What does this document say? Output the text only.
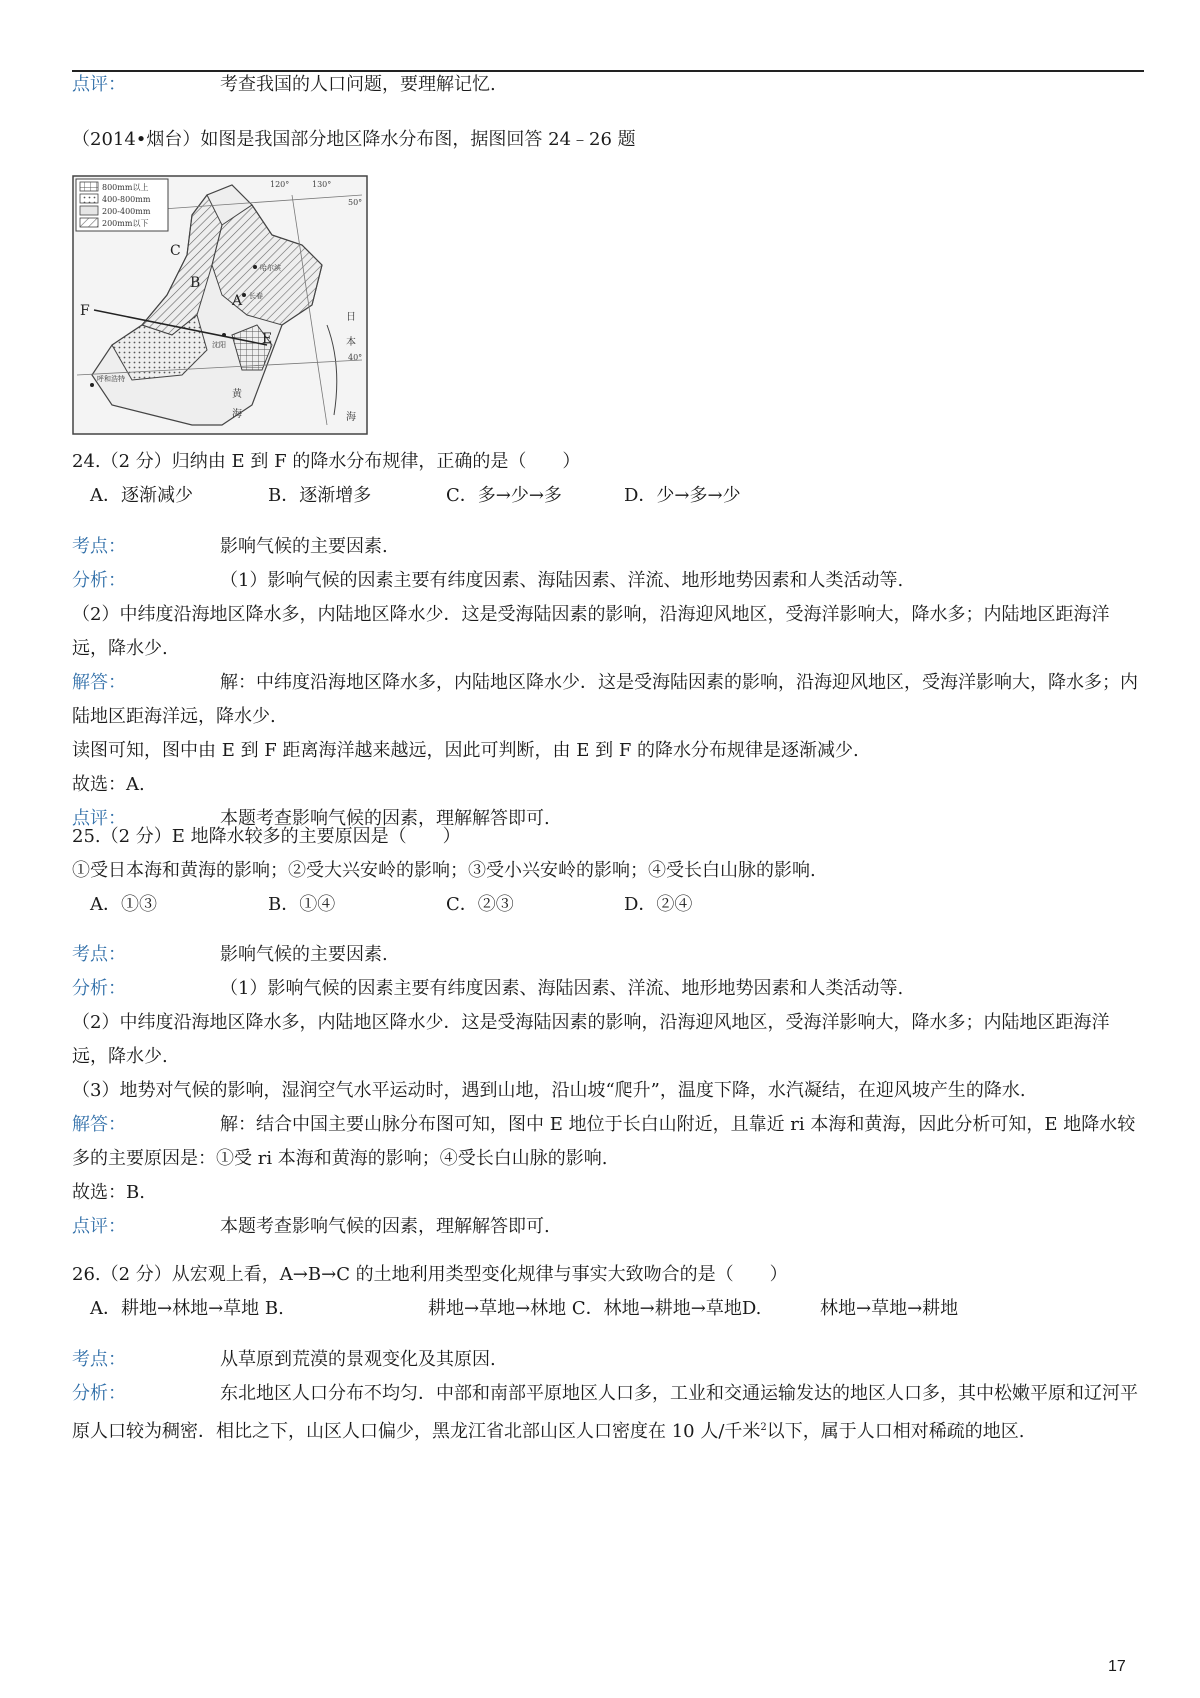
点评：	考查我国的人口问题，要理解记忆.
（2014•烟台）如图是我国部分地区降水分布图，据图回答 24﹣26 题
800mm以上
400-800mm
200-400mm
200mm以下
A
B
C
E
F	日
本
海
黄
海
120°	130°
50°
40°
哈尔滨
长春
沈阳
呼和浩特
24.（2 分）归纳由 E 到 F 的降水分布规律，正确的是（　　）
A．逐渐减少	B．逐渐增多	C．多→少→多	D．少→多→少
考点：	影响气候的主要因素.
分析：	（1）影响气候的因素主要有纬度因素、海陆因素、洋流、地形地势因素和人类活动等.
（2）中纬度沿海地区降水多，内陆地区降水少．这是受海陆因素的影响，沿海迎风地区，受海洋影响大，降水多；内陆地区距海洋远，降水少.
解答：	解：中纬度沿海地区降水多，内陆地区降水少．这是受海陆因素的影响，沿海迎风地区，受海洋影响大，降水多；内陆地区距海洋远，降水少.
读图可知，图中由 E 到 F 距离海洋越来越远，因此可判断，由 E 到 F 的降水分布规律是逐渐减少.
故选：A.
点评：	本题考查影响气候的因素，理解解答即可.
25.（2 分）E 地降水较多的主要原因是（　　）
①受日本海和黄海的影响；②受大兴安岭的影响；③受小兴安岭的影响；④受长白山脉的影响.
A．①③	B．①④	C．②③	D．②④
考点：	影响气候的主要因素.
分析：	（1）影响气候的因素主要有纬度因素、海陆因素、洋流、地形地势因素和人类活动等.
（2）中纬度沿海地区降水多，内陆地区降水少．这是受海陆因素的影响，沿海迎风地区，受海洋影响大，降水多；内陆地区距海洋远，降水少.
（3）地势对气候的影响，湿润空气水平运动时，遇到山地，沿山坡“爬升”，温度下降，水汽凝结，在迎风坡产生的降水.
解答：	解：结合中国主要山脉分布图可知，图中 E 地位于长白山附近，且靠近 ri 本海和黄海，因此分析可知，E 地降水较多的主要原因是：①受 ri 本海和黄海的影响；④受长白山脉的影响.
故选：B.
点评：	本题考查影响气候的因素，理解解答即可.
26.（2 分）从宏观上看，A→B→C 的土地利用类型变化规律与事实大致吻合的是（　　）
A．耕地→林地→草地 B.	耕地→草地→林地 C．林地→耕地→草地D.	林地→草地→耕地
考点：	从草原到荒漠的景观变化及其原因.
分析：	东北地区人口分布不均匀．中部和南部平原地区人口多，工业和交通运输发达的地区人口多，其中松嫩平原和辽河平原人口较为稠密．相比之下，山区人口偏少，黑龙江省北部山区人口密度在 10 人/千米$^2$以下，属于人口相对稀疏的地区.
17
